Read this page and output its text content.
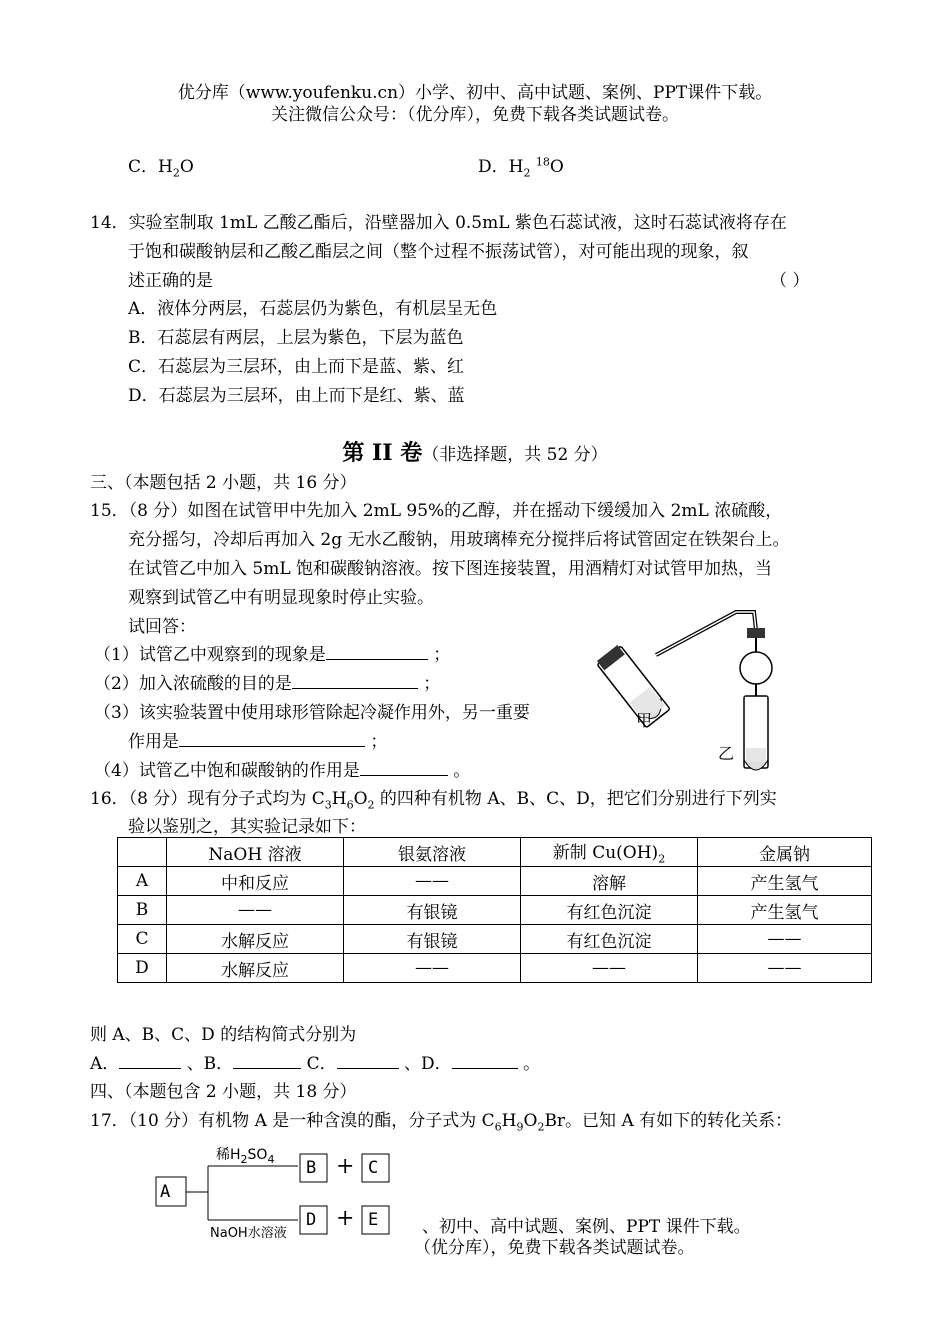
优分库（www.youfenku.cn）小学、初中、高中试题、案例、PPT课件下载。
关注微信公众号：（优分库），免费下载各类试题试卷。
C．$H_2O$	D．$H_2$ $^{18}$O
14．实验室制取 1mL 乙酸乙酯后，沿壁器加入 0.5mL 紫色石蕊试液，这时石蕊试液将存在
于饱和碳酸钠层和乙酸乙酯层之间（整个过程不振荡试管），对可能出现的现象，叙
述正确的是	（ ）
A．液体分两层，石蕊层仍为紫色，有机层呈无色
B．石蕊层有两层，上层为紫色，下层为蓝色
C．石蕊层为三层环，由上而下是蓝、紫、红
D．石蕊层为三层环，由上而下是红、紫、蓝
第 II 卷（非选择题，共 52 分）
三、（本题包括 2 小题，共 16 分）
15．（8 分）如图在试管甲中先加入 2mL 95%的乙醇，并在摇动下缓缓加入 2mL 浓硫酸，
充分摇匀，冷却后再加入 2g 无水乙酸钠，用玻璃棒充分搅拌后将试管固定在铁架台上。
在试管乙中加入 5mL 饱和碳酸钠溶液。按下图连接装置，用酒精灯对试管甲加热，当
观察到试管乙中有明显现象时停止实验。
试回答：
（1）试管乙中观察到的现象是	；
（2）加入浓硫酸的目的是	；
（3）该实验装置中使用球形管除起冷凝作用外，另一重要
作用是	；
（4）试管乙中饱和碳酸钠的作用是	。
甲
乙
16．（8 分）现有分子式均为 $C_3H_6O_2$ 的四种有机物 A、B、C、D，把它们分别进行下列实
验以鉴别之，其实验记录如下：
	NaOH 溶液	银氨溶液	新制 $Cu(OH)_2$	金属钠
A	中和反应	——	溶解	产生氢气
B	——	有银镜	有红色沉淀	产生氢气
C	水解反应	有银镜	有红色沉淀	——
D	水解反应	——	——	——
则 A、B、C、D 的结构简式分别为
A．	、B．	C．	、D．	。
四、（本题包含 2 小题，共 18 分）
17．（10 分）有机物 A 是一种含溴的酯，分子式为 $C_6H_9O_2Br$。已知 A 有如下的转化关系：
A
B	C
D	E
+
+
稀$H_2SO_4$
NaOH水溶液	、初中、高中试题、案例、PPT 课件下载。
（优分库），免费下载各类试题试卷。
